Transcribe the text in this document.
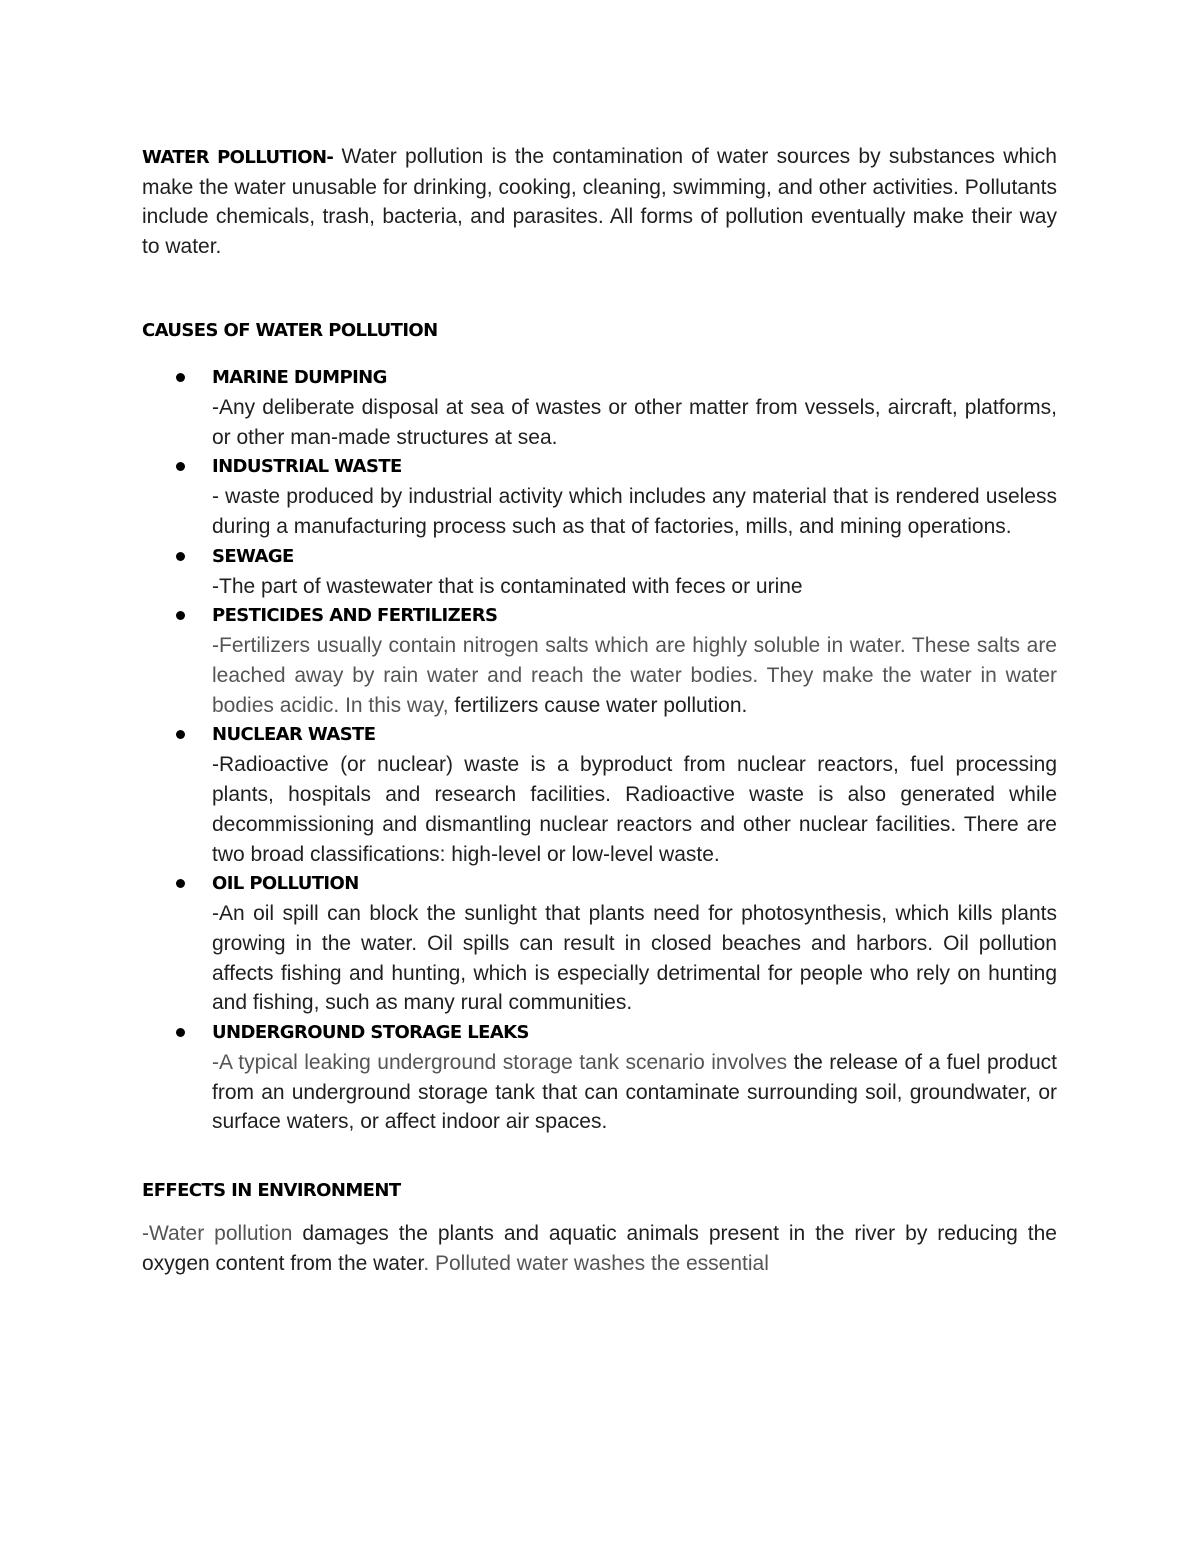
WATER POLLUTION- Water pollution is the contamination of water sources by substances which make the water unusable for drinking, cooking, cleaning, swimming, and other activities. Pollutants include chemicals, trash, bacteria, and parasites. All forms of pollution eventually make their way to water.

CAUSES OF WATER POLLUTION
MARINE DUMPING

-Any deliberate disposal at sea of wastes or other matter from vessels, aircraft, platforms, or other man-made structures at sea.

INDUSTRIAL WASTE

- waste produced by industrial activity which includes any material that is rendered useless during a manufacturing process such as that of factories, mills, and mining operations.

SEWAGE

-The part of wastewater that is contaminated with feces or urine

PESTICIDES AND FERTILIZERS

-Fertilizers usually contain nitrogen salts which are highly soluble in water. These salts are leached away by rain water and reach the water bodies. They make the water in water bodies acidic. In this way, fertilizers cause water pollution.

NUCLEAR WASTE

-Radioactive (or nuclear) waste is a byproduct from nuclear reactors, fuel processing plants, hospitals and research facilities. Radioactive waste is also generated while decommissioning and dismantling nuclear reactors and other nuclear facilities. There are two broad classifications: high-level or low-level waste.

OIL POLLUTION

-An oil spill can block the sunlight that plants need for photosynthesis, which kills plants growing in the water. Oil spills can result in closed beaches and harbors. Oil pollution affects fishing and hunting, which is especially detrimental for people who rely on hunting and fishing, such as many rural communities.

UNDERGROUND STORAGE LEAKS

-A typical leaking underground storage tank scenario involves the release of a fuel product from an underground storage tank that can contaminate surrounding soil, groundwater, or surface waters, or affect indoor air spaces.

EFFECTS IN ENVIRONMENT

-Water pollution damages the plants and aquatic animals present in the river by reducing the oxygen content from the water. Polluted water washes the essential
